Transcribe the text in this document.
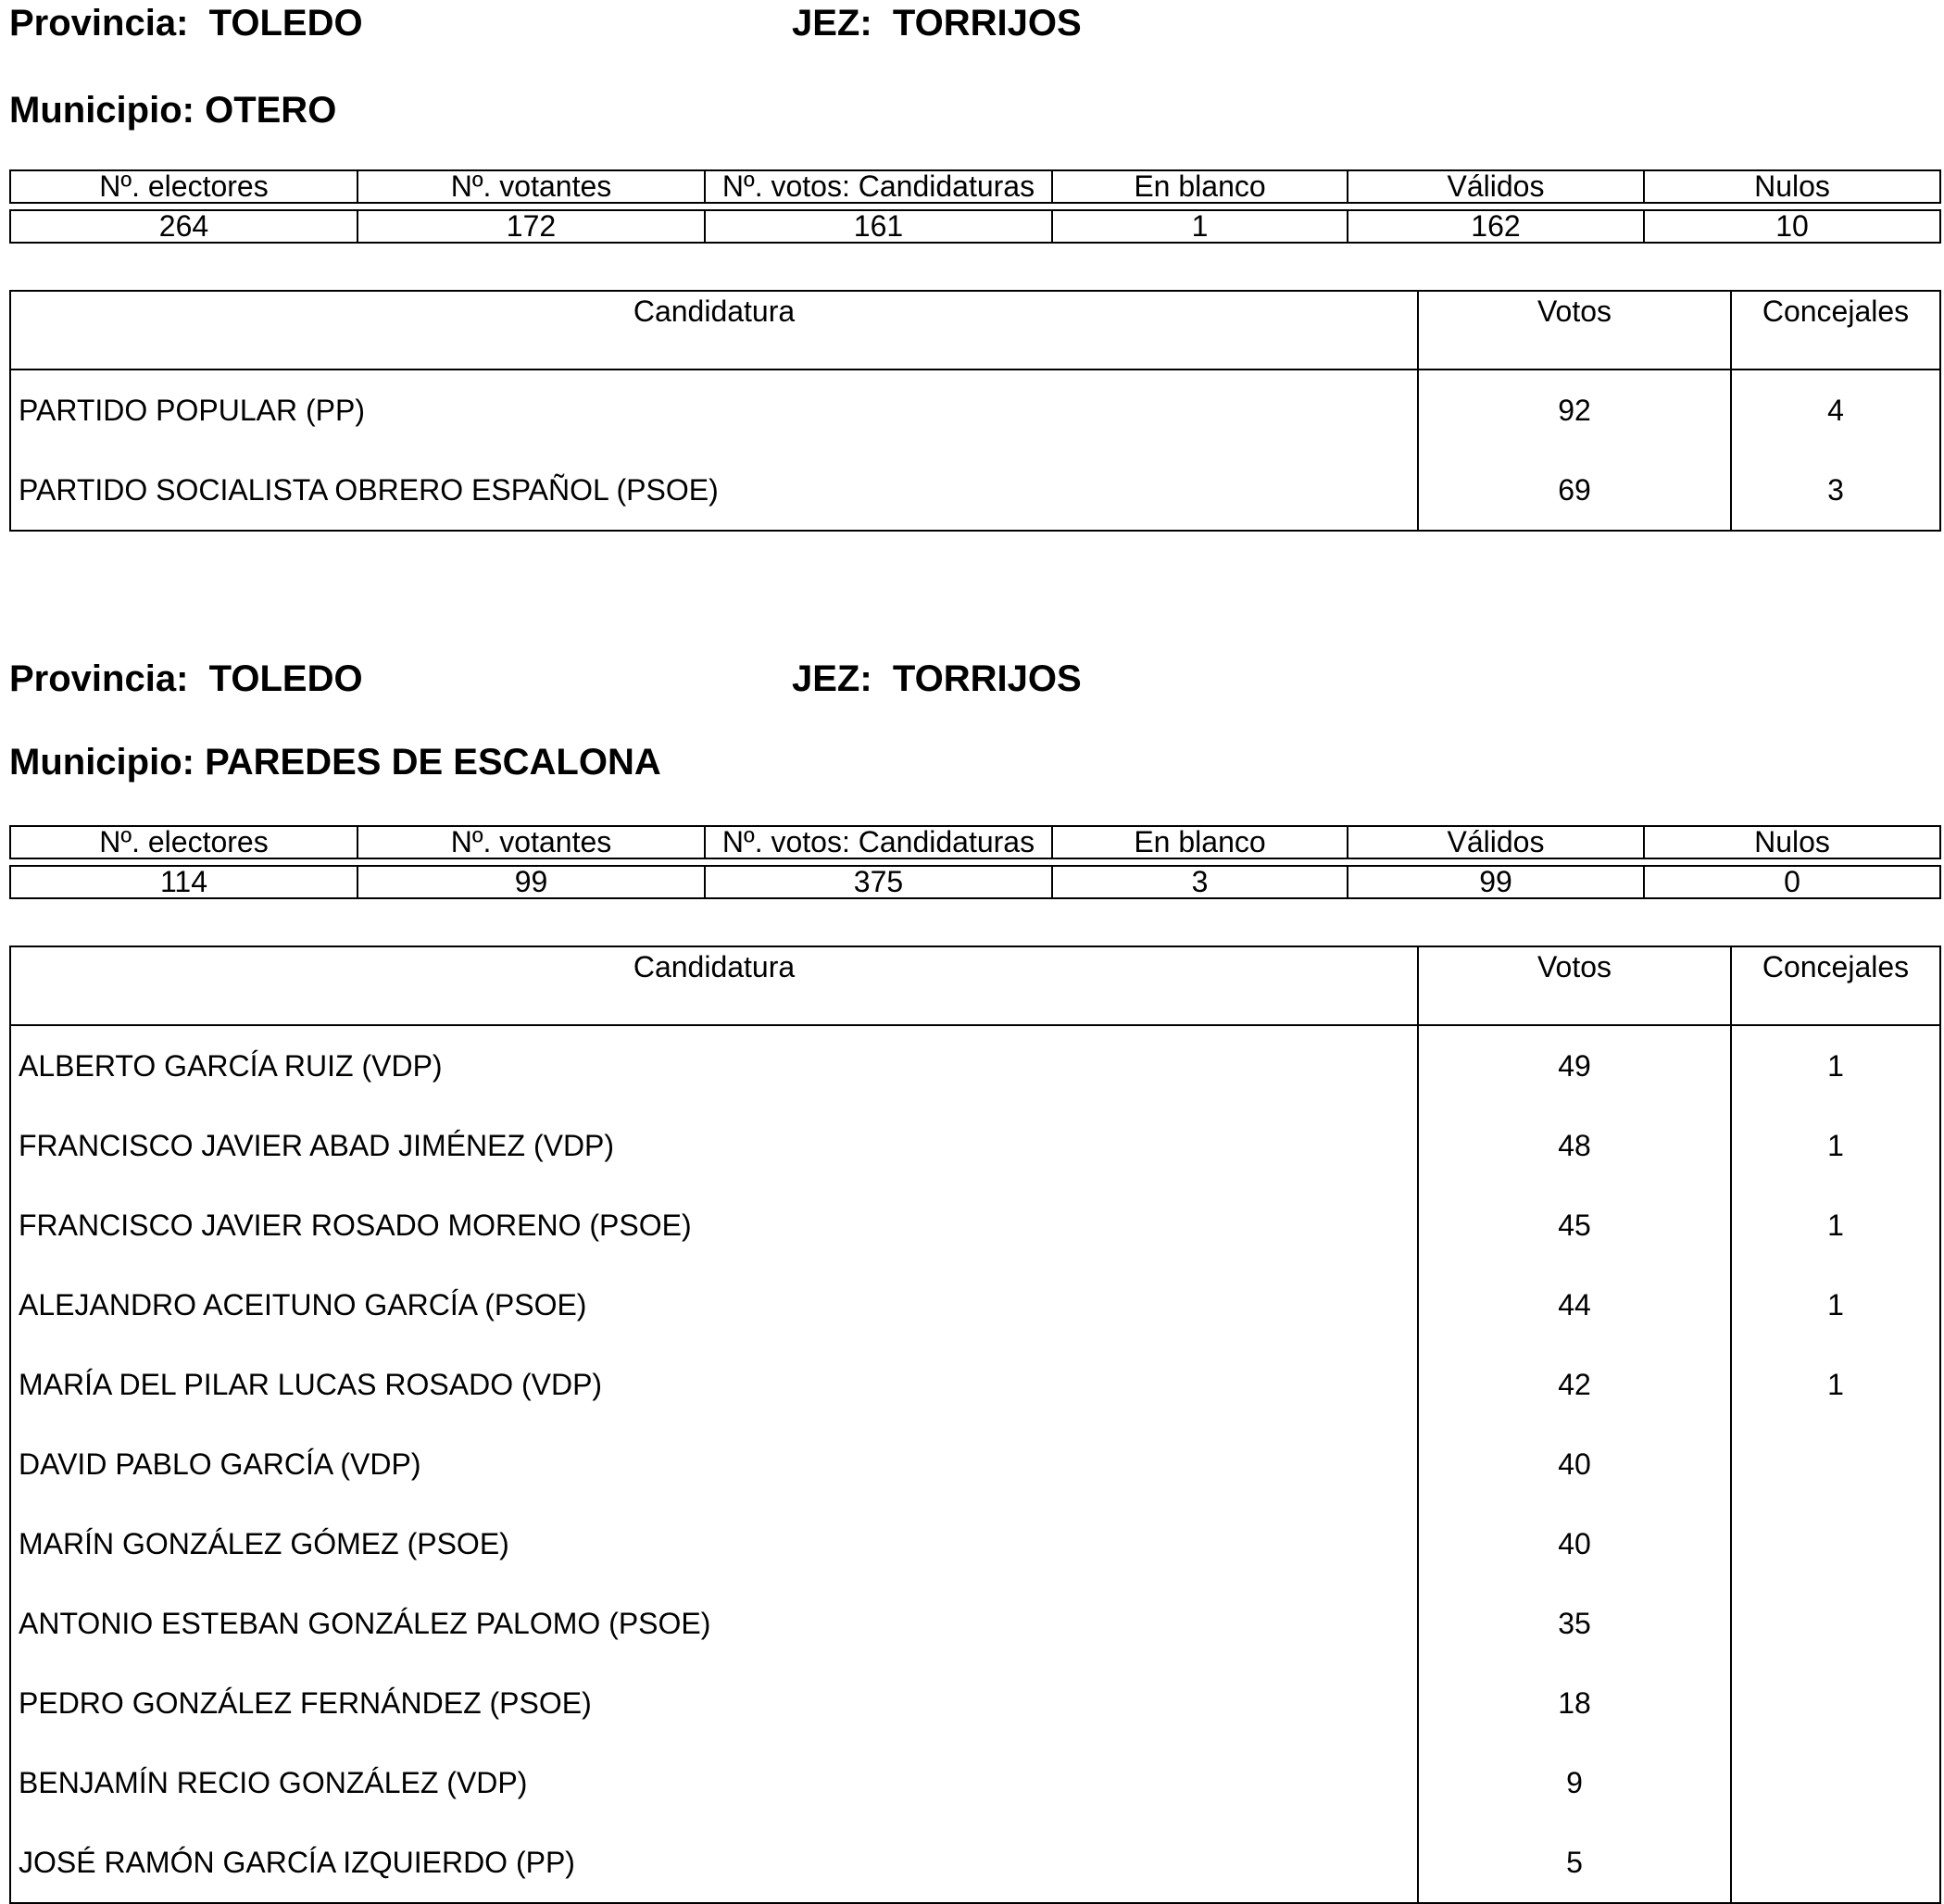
Provincia:  TOLEDO	JEZ:  TORRIJOS
Municipio: OTERO
Nº. electores	Nº. votantes	Nº. votos: Candidaturas	En blanco	Válidos	Nulos
264	172	161	1	162	10
Candidatura	Votos	Concejales
PARTIDO POPULAR (PP)	92	4
PARTIDO SOCIALISTA OBRERO ESPAÑOL (PSOE)	69	3
Provincia:  TOLEDO	JEZ:  TORRIJOS
Municipio: PAREDES DE ESCALONA
Nº. electores	Nº. votantes	Nº. votos: Candidaturas	En blanco	Válidos	Nulos
114	99	375	3	99	0
Candidatura	Votos	Concejales
ALBERTO GARCÍA RUIZ (VDP)	49	1
FRANCISCO JAVIER ABAD JIMÉNEZ (VDP)	48	1
FRANCISCO JAVIER ROSADO MORENO (PSOE)	45	1
ALEJANDRO ACEITUNO GARCÍA (PSOE)	44	1
MARÍA DEL PILAR LUCAS ROSADO (VDP)	42	1
DAVID PABLO GARCÍA (VDP)	40	
MARÍN GONZÁLEZ GÓMEZ (PSOE)	40	
ANTONIO ESTEBAN GONZÁLEZ PALOMO (PSOE)	35	
PEDRO GONZÁLEZ FERNÁNDEZ (PSOE)	18	
BENJAMÍN RECIO GONZÁLEZ (VDP)	9	
JOSÉ RAMÓN GARCÍA IZQUIERDO (PP)	5	
